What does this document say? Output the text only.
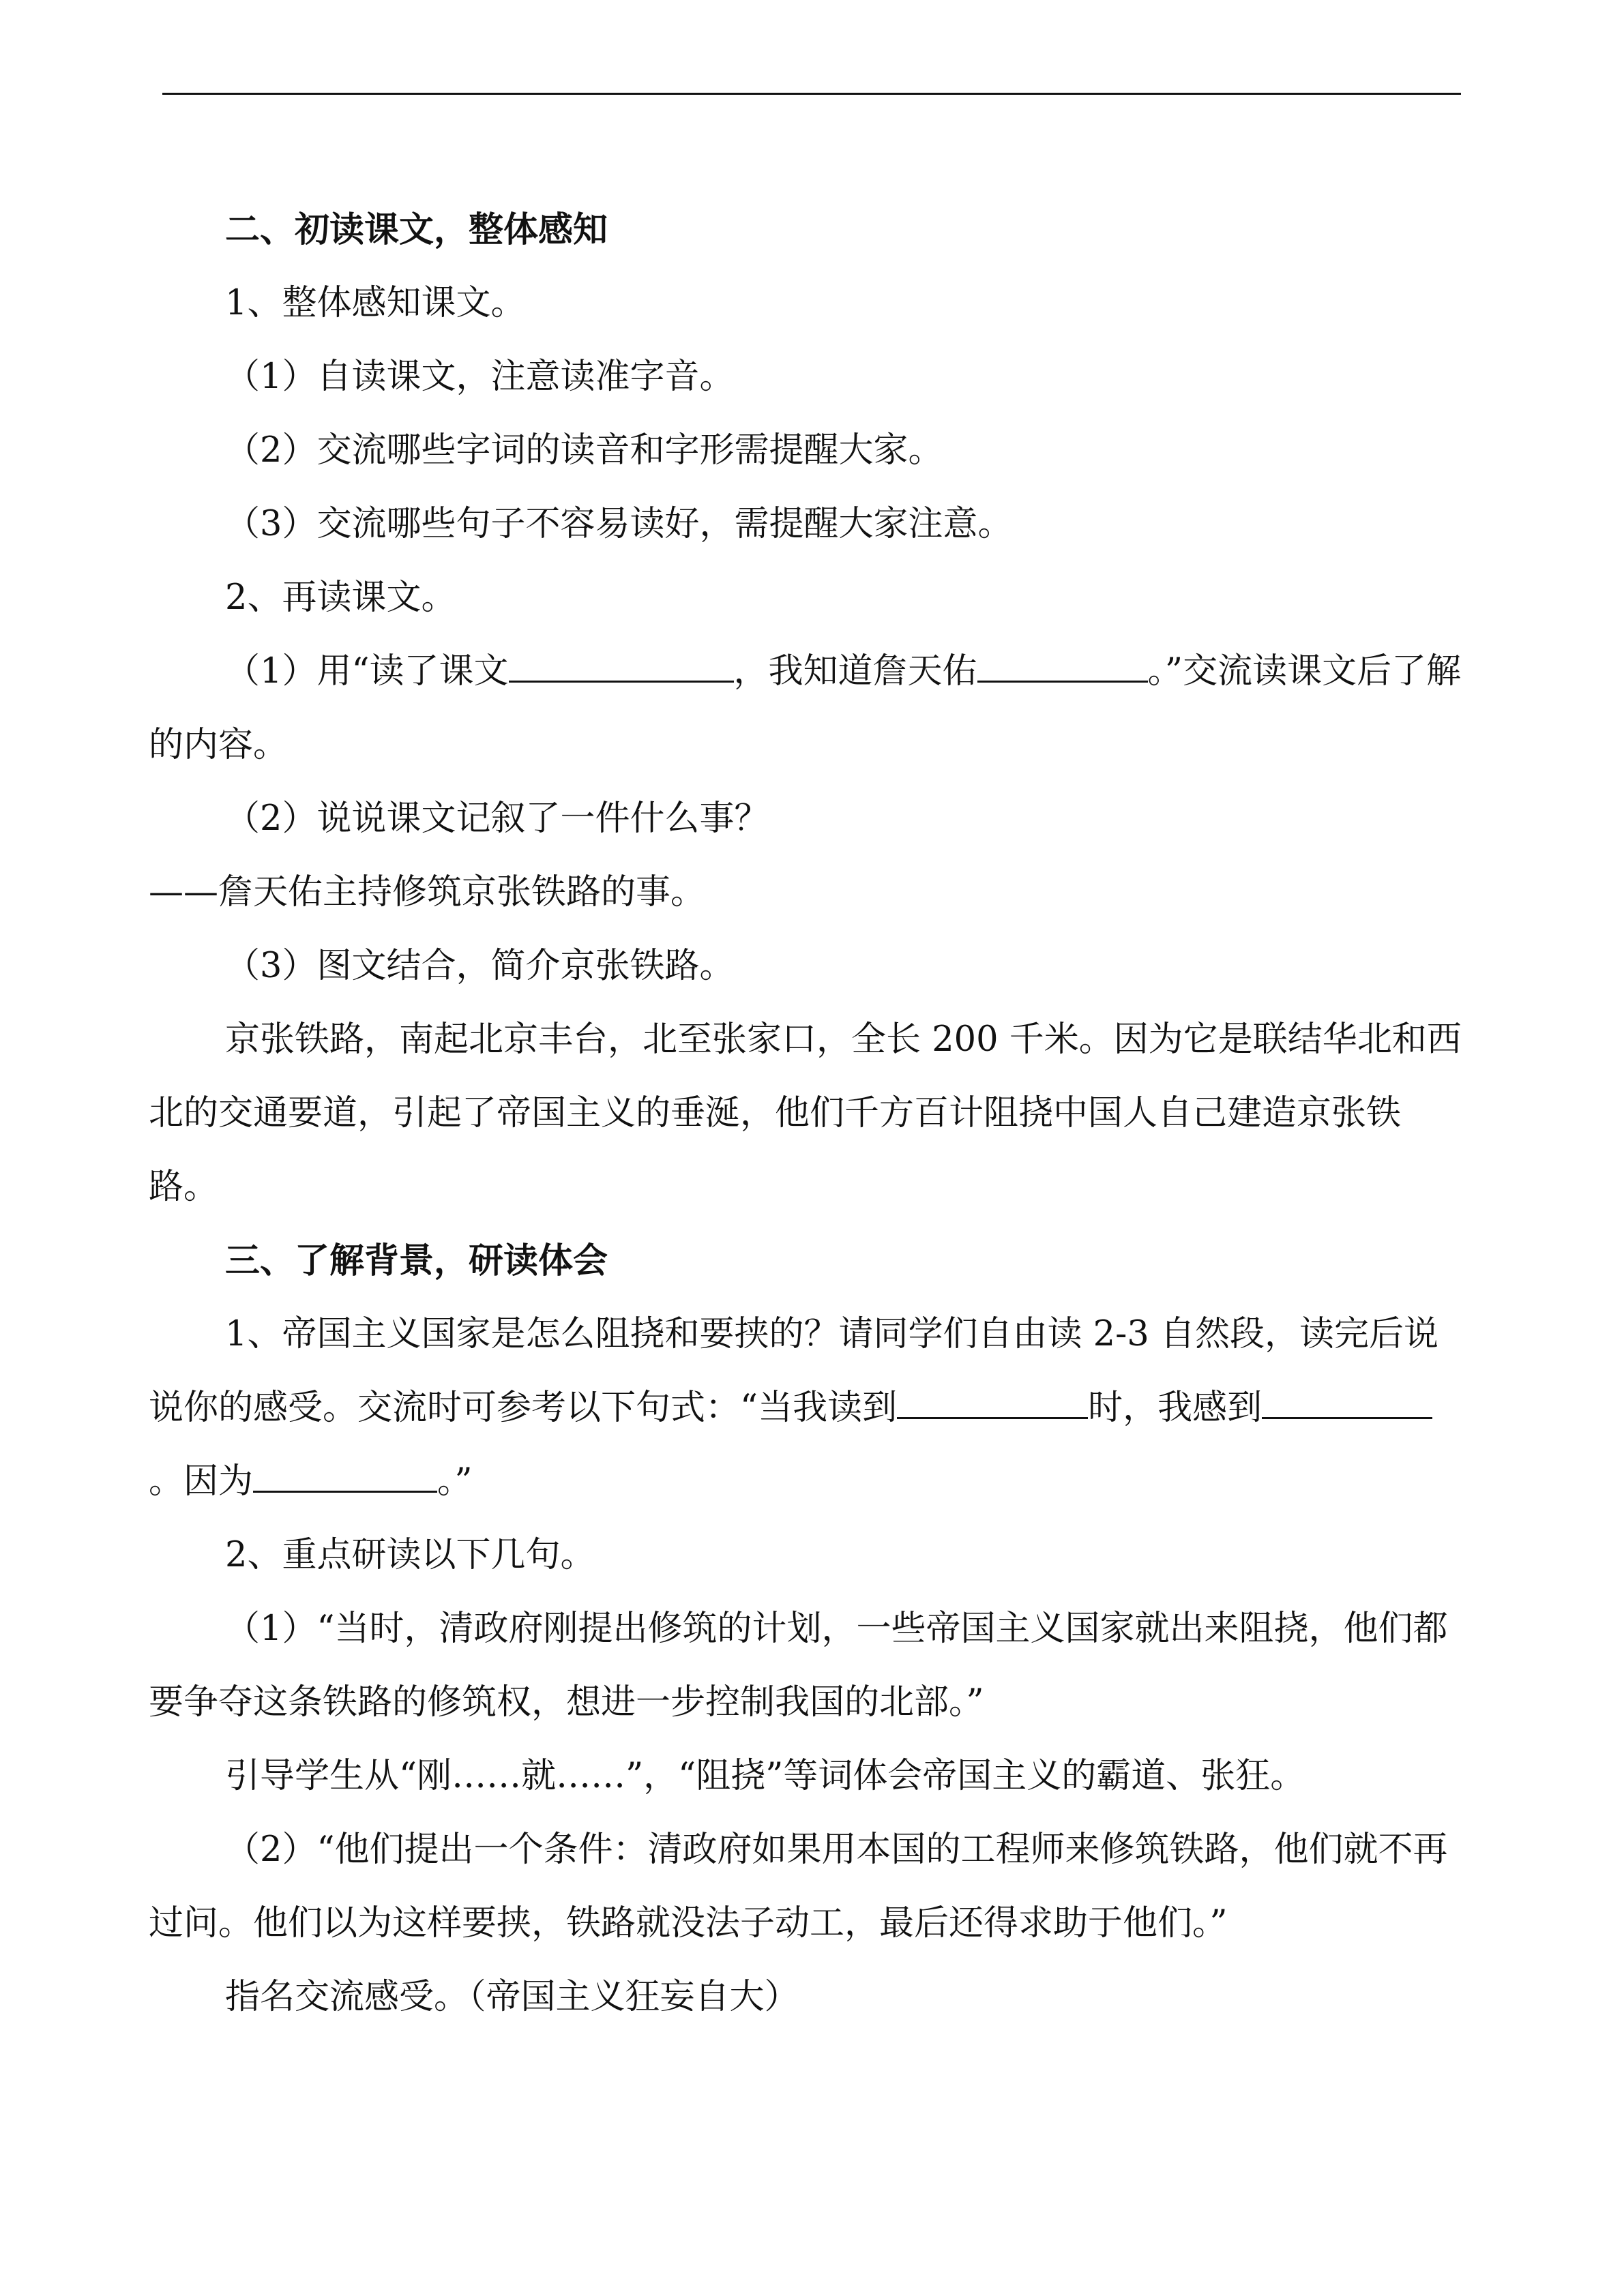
二、初读课文，整体感知

1、整体感知课文。

（1）自读课文，注意读准字音。

（2）交流哪些字词的读音和字形需提醒大家。

（3）交流哪些句子不容易读好，需提醒大家注意。

2、再读课文。

（1）用“读了课文	，我知道詹天佑	。”交流读课文后了解的内容。

（2）说说课文记叙了一件什么事？

——詹天佑主持修筑京张铁路的事。

（3）图文结合，简介京张铁路。

京张铁路，南起北京丰台，北至张家口，全长 200 千米。因为它是联结华北和西北的交通要道，引起了帝国主义的垂涎，他们千方百计阻挠中国人自己建造京张铁路。

三、了解背景，研读体会

1、帝国主义国家是怎么阻挠和要挟的？请同学们自由读 2-3 自然段，读完后说说你的感受。交流时可参考以下句式：“当我读到	时，我感到。因为	。”

2、重点研读以下几句。

（1）“当时，清政府刚提出修筑的计划，一些帝国主义国家就出来阻挠，他们都要争夺这条铁路的修筑权，想进一步控制我国的北部。”

引导学生从“刚……就……”，“阻挠”等词体会帝国主义的霸道、张狂。

（2）“他们提出一个条件：清政府如果用本国的工程师来修筑铁路，他们就不再过问。他们以为这样要挟，铁路就没法子动工，最后还得求助于他们。”

指名交流感受。（帝国主义狂妄自大）
